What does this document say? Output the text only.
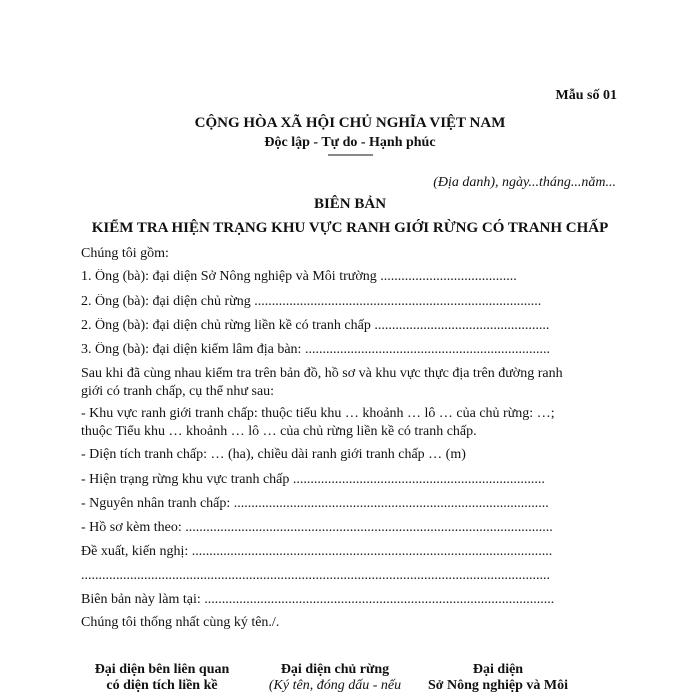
Mẫu số 01
CỘNG HÒA XÃ HỘI CHỦ NGHĨA VIỆT NAM
Độc lập - Tự do - Hạnh phúc
---------------
(Địa danh), ngày...tháng...năm...
BIÊN BẢN
KIỂM TRA HIỆN TRẠNG KHU VỰC RANH GIỚI RỪNG CÓ TRANH CHẤP
Chúng tôi gồm:
1. Ông (bà): đại diện Sở Nông nghiệp và Môi trường .......................................
2. Ông (bà): đại diện chủ rừng ..................................................................................
2. Ông (bà): đại diện chủ rừng liền kề có tranh chấp ..................................................
3. Ông (bà): đại diện kiểm lâm địa bàn: ......................................................................
Sau khi đã cùng nhau kiểm tra trên bản đồ, hồ sơ và khu vực thực địa trên đường ranh
giới có tranh chấp, cụ thể như sau:
- Khu vực ranh giới tranh chấp: thuộc tiểu khu … khoảnh … lô … của chủ rừng: …;
thuộc Tiểu khu … khoảnh … lô … của chủ rừng liền kề có tranh chấp.
- Diện tích tranh chấp: … (ha), chiều dài ranh giới tranh chấp … (m)
- Hiện trạng rừng khu vực tranh chấp ........................................................................
- Nguyên nhân tranh chấp: ..........................................................................................
- Hồ sơ kèm theo: .........................................................................................................
Đề xuất, kiến nghị: .......................................................................................................
......................................................................................................................................
Biên bản này làm tại: ....................................................................................................
Chúng tôi thống nhất cùng ký tên./.
Đại diện bên liên quan
có diện tích liền kề
Đại diện chủ rừng
(Ký tên, đóng dấu - nếu
Đại diện
Sở Nông nghiệp và Môi
